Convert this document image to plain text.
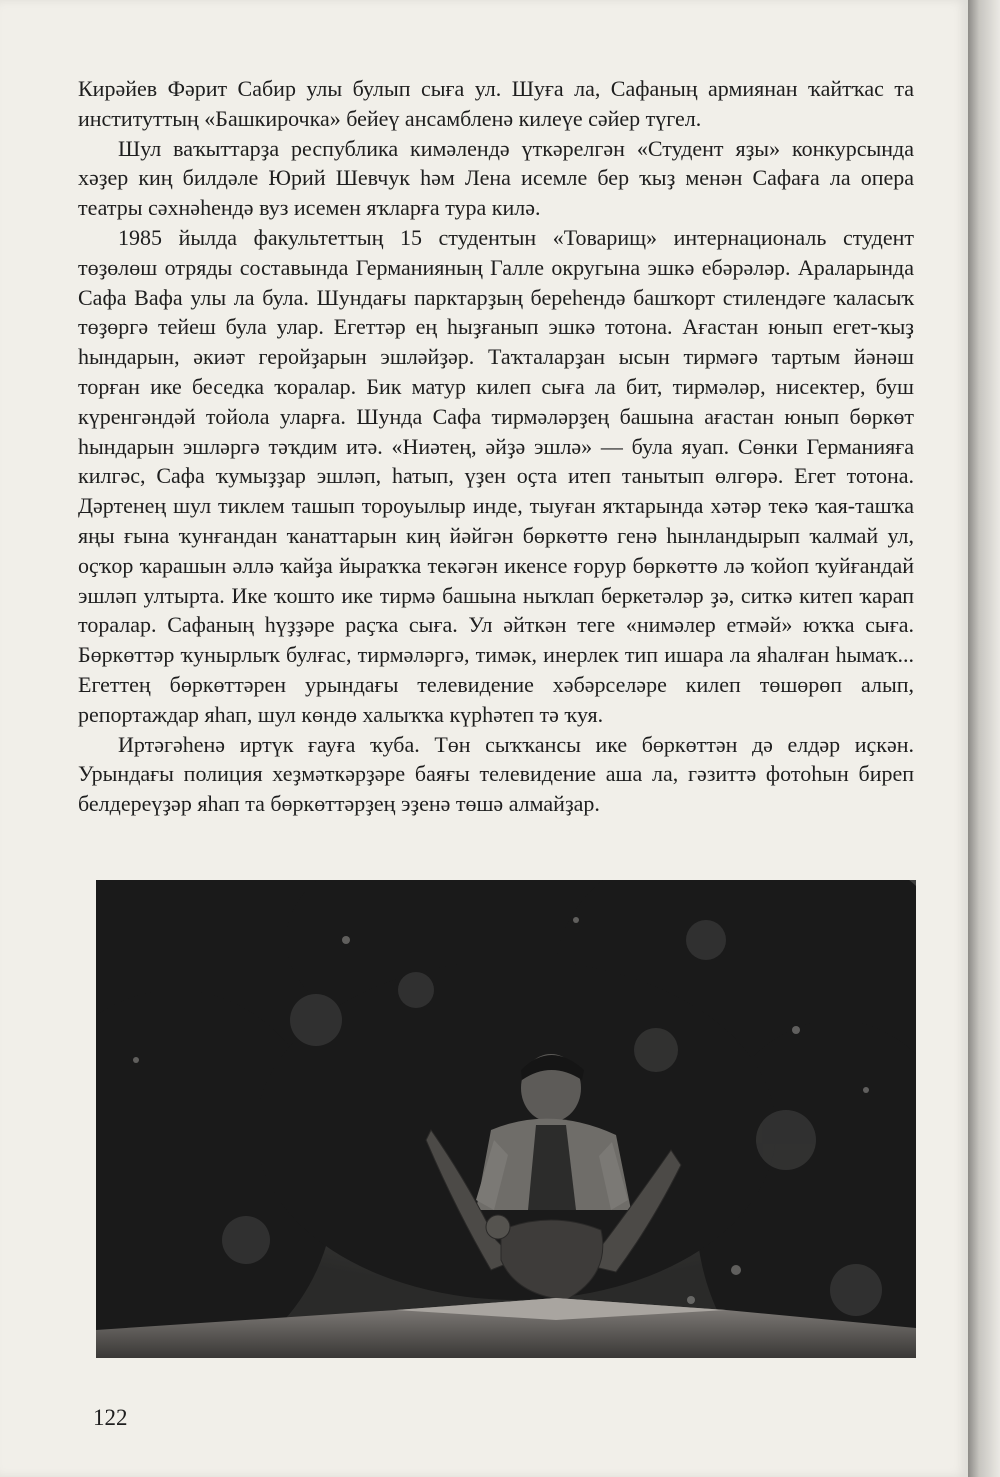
Кирәйев Фәрит Сабир улы булып сыға ул. Шуға ла, Сафаның армиянан ҡайтҡас та институттың «Башкирочка» бейеү ансамбленә килеүе сәйер түгел.

Шул ваҡыттарҙа республика кимәлендә үткәрелгән «Студент яҙы» конкурсында хәҙер киң билдәле Юрий Шевчук һәм Лена исемле бер ҡыҙ менән Сафаға ла опера театры сәхнәһендә вуз исемен яҡларға тура килә.

1985 йылда факультеттың 15 студентын «Товарищ» интернациональ студент төҙөлөш отряды составында Германияның Галле округына эшкә ебәрәләр. Араларында Сафа Вафа улы ла була. Шундағы парктарҙың береһендә башҡорт стилендәге ҡаласыҡ төҙөргә тейеш була улар. Егеттәр ең һыҙғанып эшкә тотона. Ағастан юнып егет-ҡыҙ һындарын, әкиәт геройҙарын эшләйҙәр. Таҡталарҙан ысын тирмәгә тартым йәнәш торған ике беседка ҡоралар. Бик матур килеп сыға ла бит, тирмәләр, нисектер, буш күренгәндәй тойола уларға. Шунда Сафа тирмәләрҙең башына ағастан юнып бөркөт һындарын эшләргә тәҡдим итә. «Ниәтең, әйҙә эшлә» — була яуап. Сөнки Германияға килгәс, Сафа ҡумыҙҙар эшләп, һатып, үҙен оҫта итеп танытып өлгөрә. Егет тотона. Дәртенең шул тиклем ташып тороуылыр инде, тыуған яҡтарында хәтәр текә ҡая-ташҡа яңы ғына ҡунғандан ҡанаттарын киң йәйгән бөркөттө генә һынландырып ҡалмай ул, оҫҡор ҡарашын әллә ҡайҙа йыраҡҡа текәгән икенсе ғорур бөркөттө лә ҡойоп ҡуйғандай эшләп ултырта. Ике ҡошто ике тирмә башына ныҡлап беркетәләр ҙә, ситкә китеп ҡарап торалар. Сафаның һүҙҙәре раҫҡа сыға. Ул әйткән теге «нимәлер етмәй» юҡҡа сыға. Бөркөттәр ҡунырлыҡ булғас, тирмәләргә, тимәк, инерлек тип ишара ла яһалған һымаҡ... Егеттең бөркөттәрен урындағы телевидение хәбәрселәре килеп төшөрөп алып, репортаждар яһап, шул көндө халыҡҡа күрһәтеп тә ҡуя.

Иртәгәһенә иртүк ғауға ҡуба. Төн сыҡҡансы ике бөркөттән дә елдәр иҫкән. Урындағы полиция хеҙмәткәрҙәре баяғы телевидение аша ла, гәзиттә фотоһын биреп белдереүҙәр яһап та бөркөттәрҙең эҙенә төшә алмайҙар.

122
